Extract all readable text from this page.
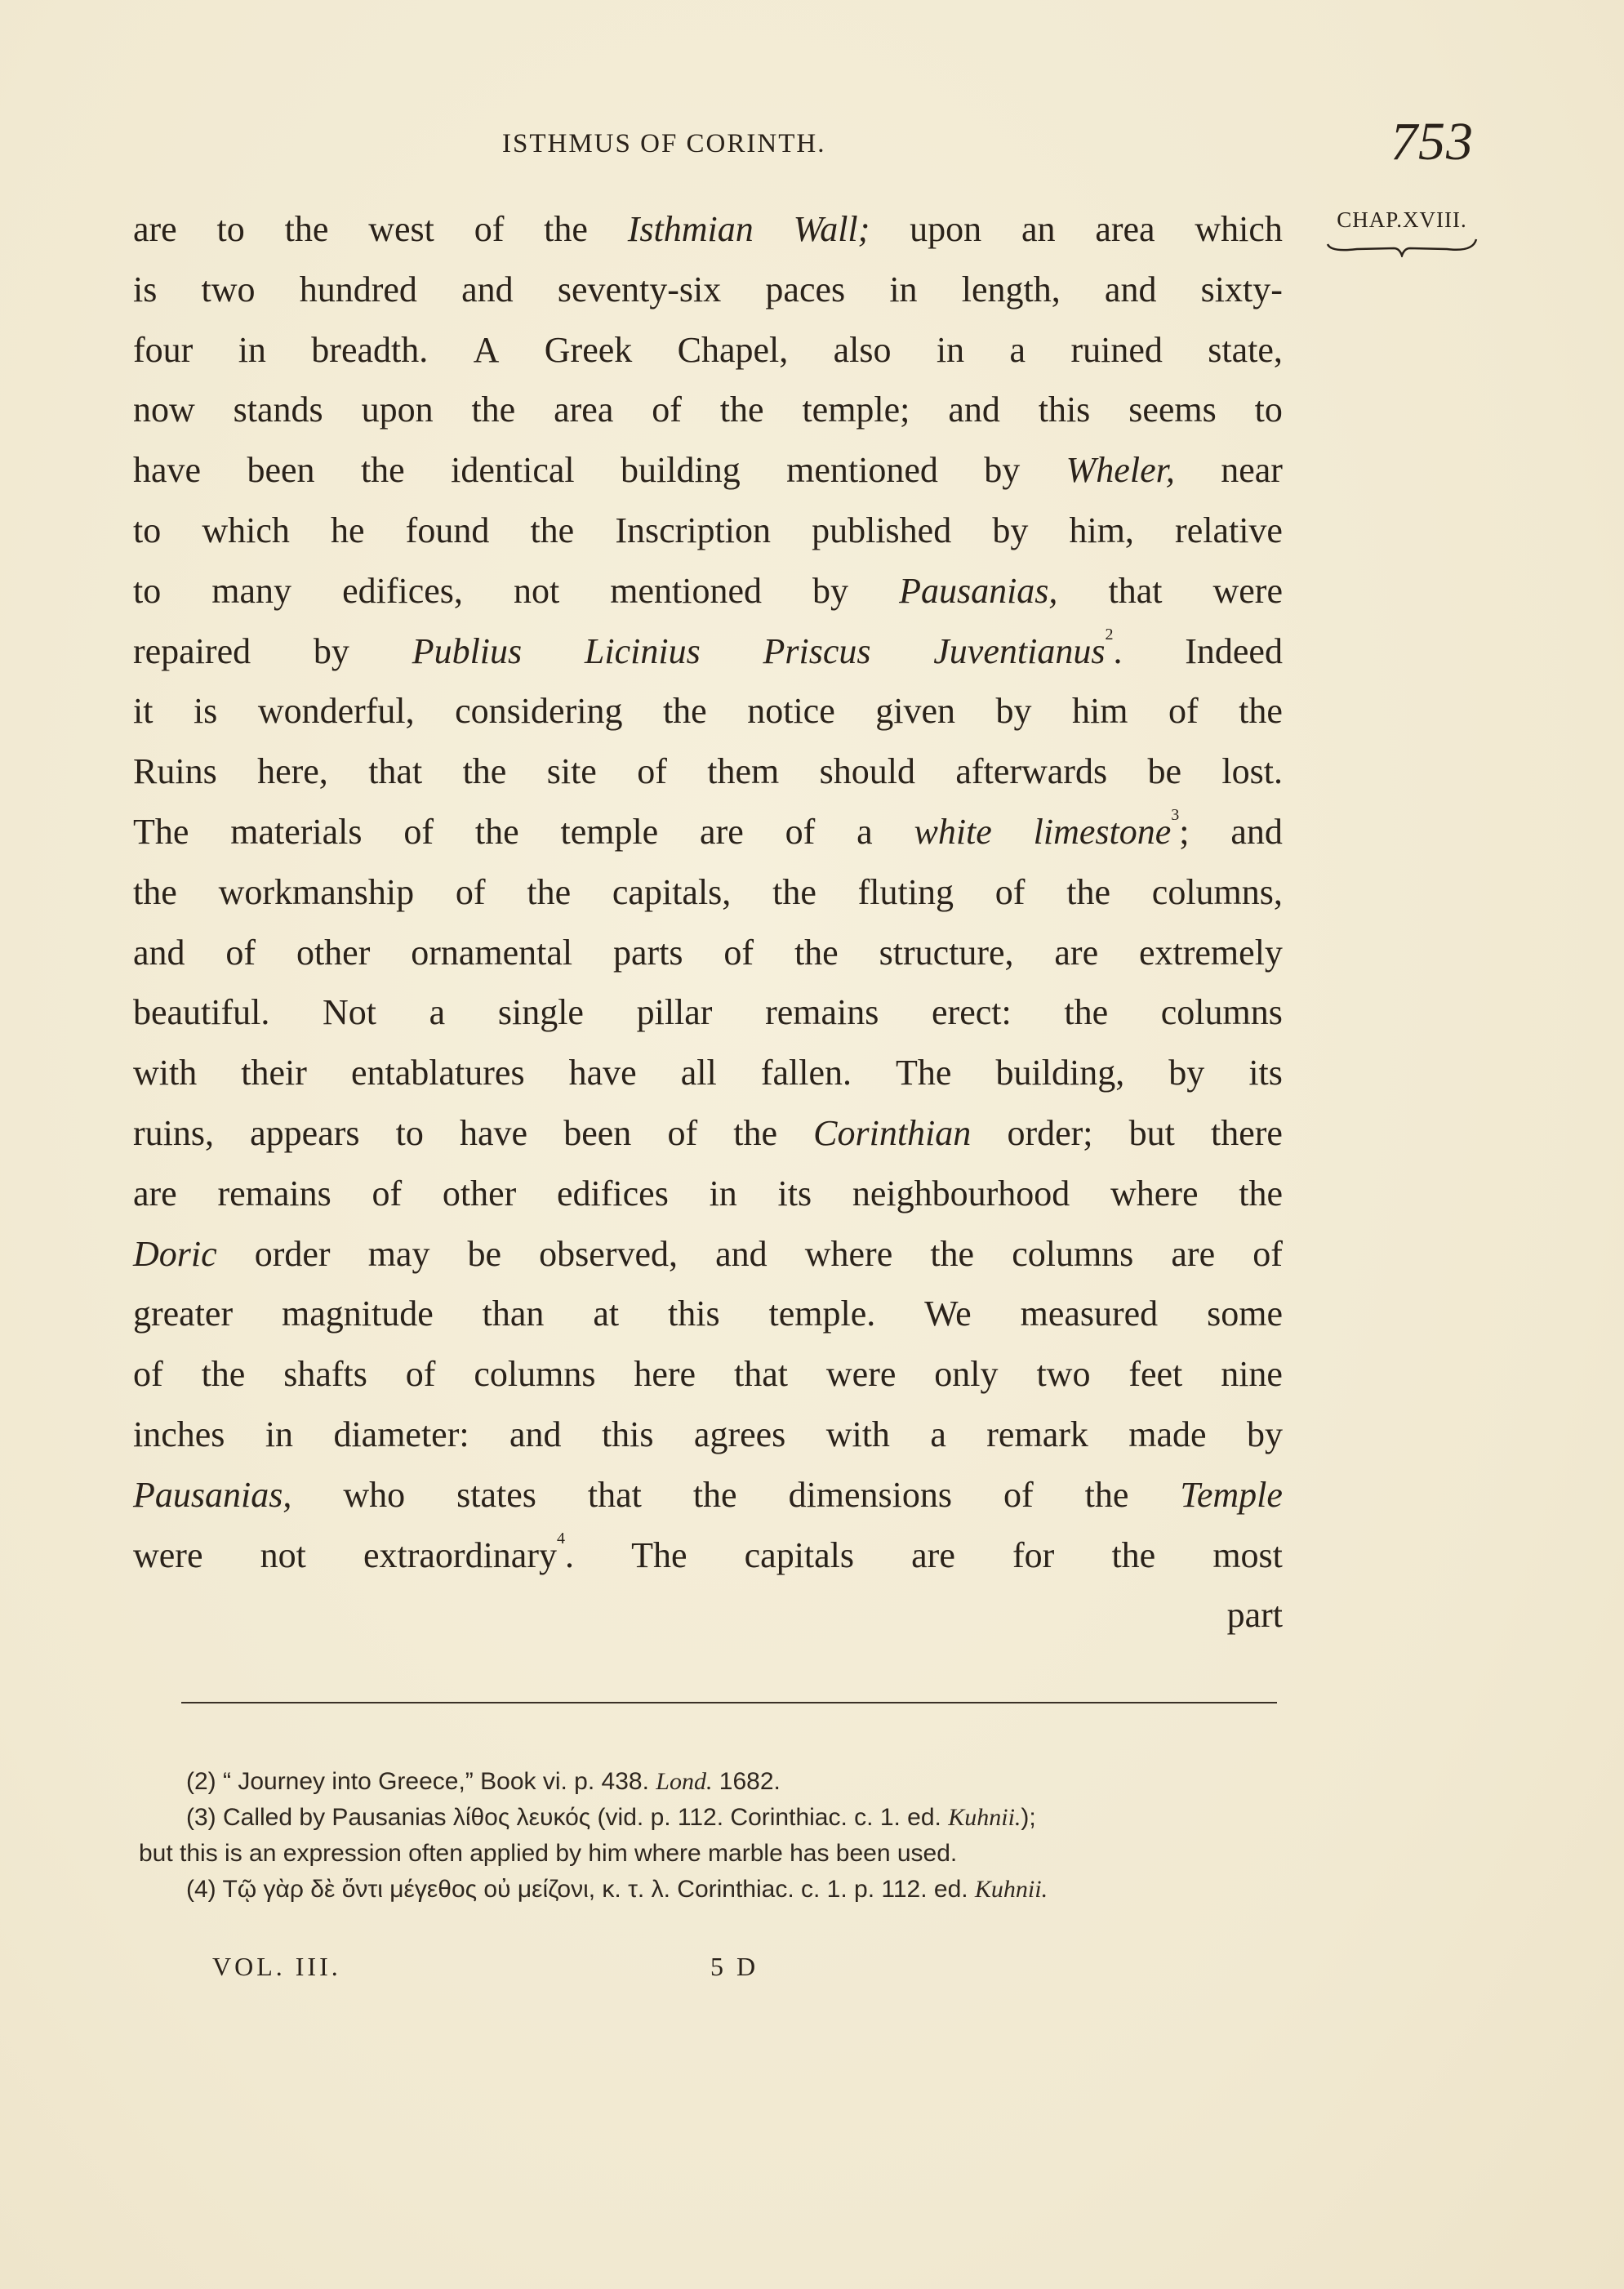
ISTHMUS OF CORINTH.	753
CHAP.XVIII.
are to the west of the Isthmian Wall; upon an area which
is two hundred and seventy-six paces in length, and sixty-
four in breadth. A Greek Chapel, also in a ruined state,
now stands upon the area of the temple; and this seems to
have been the identical building mentioned by Wheler, near
to which he found the Inscription published by him, relative
to many edifices, not mentioned by Pausanias, that were
repaired by Publius Licinius Priscus Juventianus$^2$. Indeed
it is wonderful, considering the notice given by him of the
Ruins here, that the site of them should afterwards be lost.
The materials of the temple are of a white limestone$^3$; and
the workmanship of the capitals, the fluting of the columns,
and of other ornamental parts of the structure, are extremely
beautiful. Not a single pillar remains erect: the columns
with their entablatures have all fallen. The building, by its
ruins, appears to have been of the Corinthian order; but there
are remains of other edifices in its neighbourhood where the
Doric order may be observed, and where the columns are of
greater magnitude than at this temple. We measured some
of the shafts of columns here that were only two feet nine
inches in diameter: and this agrees with a remark made by
Pausanias, who states that the dimensions of the Temple
were not extraordinary$^4$. The capitals are for the most
part
(2) “ Journey into Greece,” Book vi. p. 438. Lond. 1682.
(3) Called by Pausanias λίθος λευκός (vid. p. 112. Corinthiac. c. 1. ed. Kuhnii.);
but this is an expression often applied by him where marble has been used.
(4) Τῷ γὰρ δὲ ὄντι μέγεθος οὐ μείζονι, κ. τ. λ. Corinthiac. c. 1. p. 112. ed. Kuhnii.
VOL. III.	5 D
